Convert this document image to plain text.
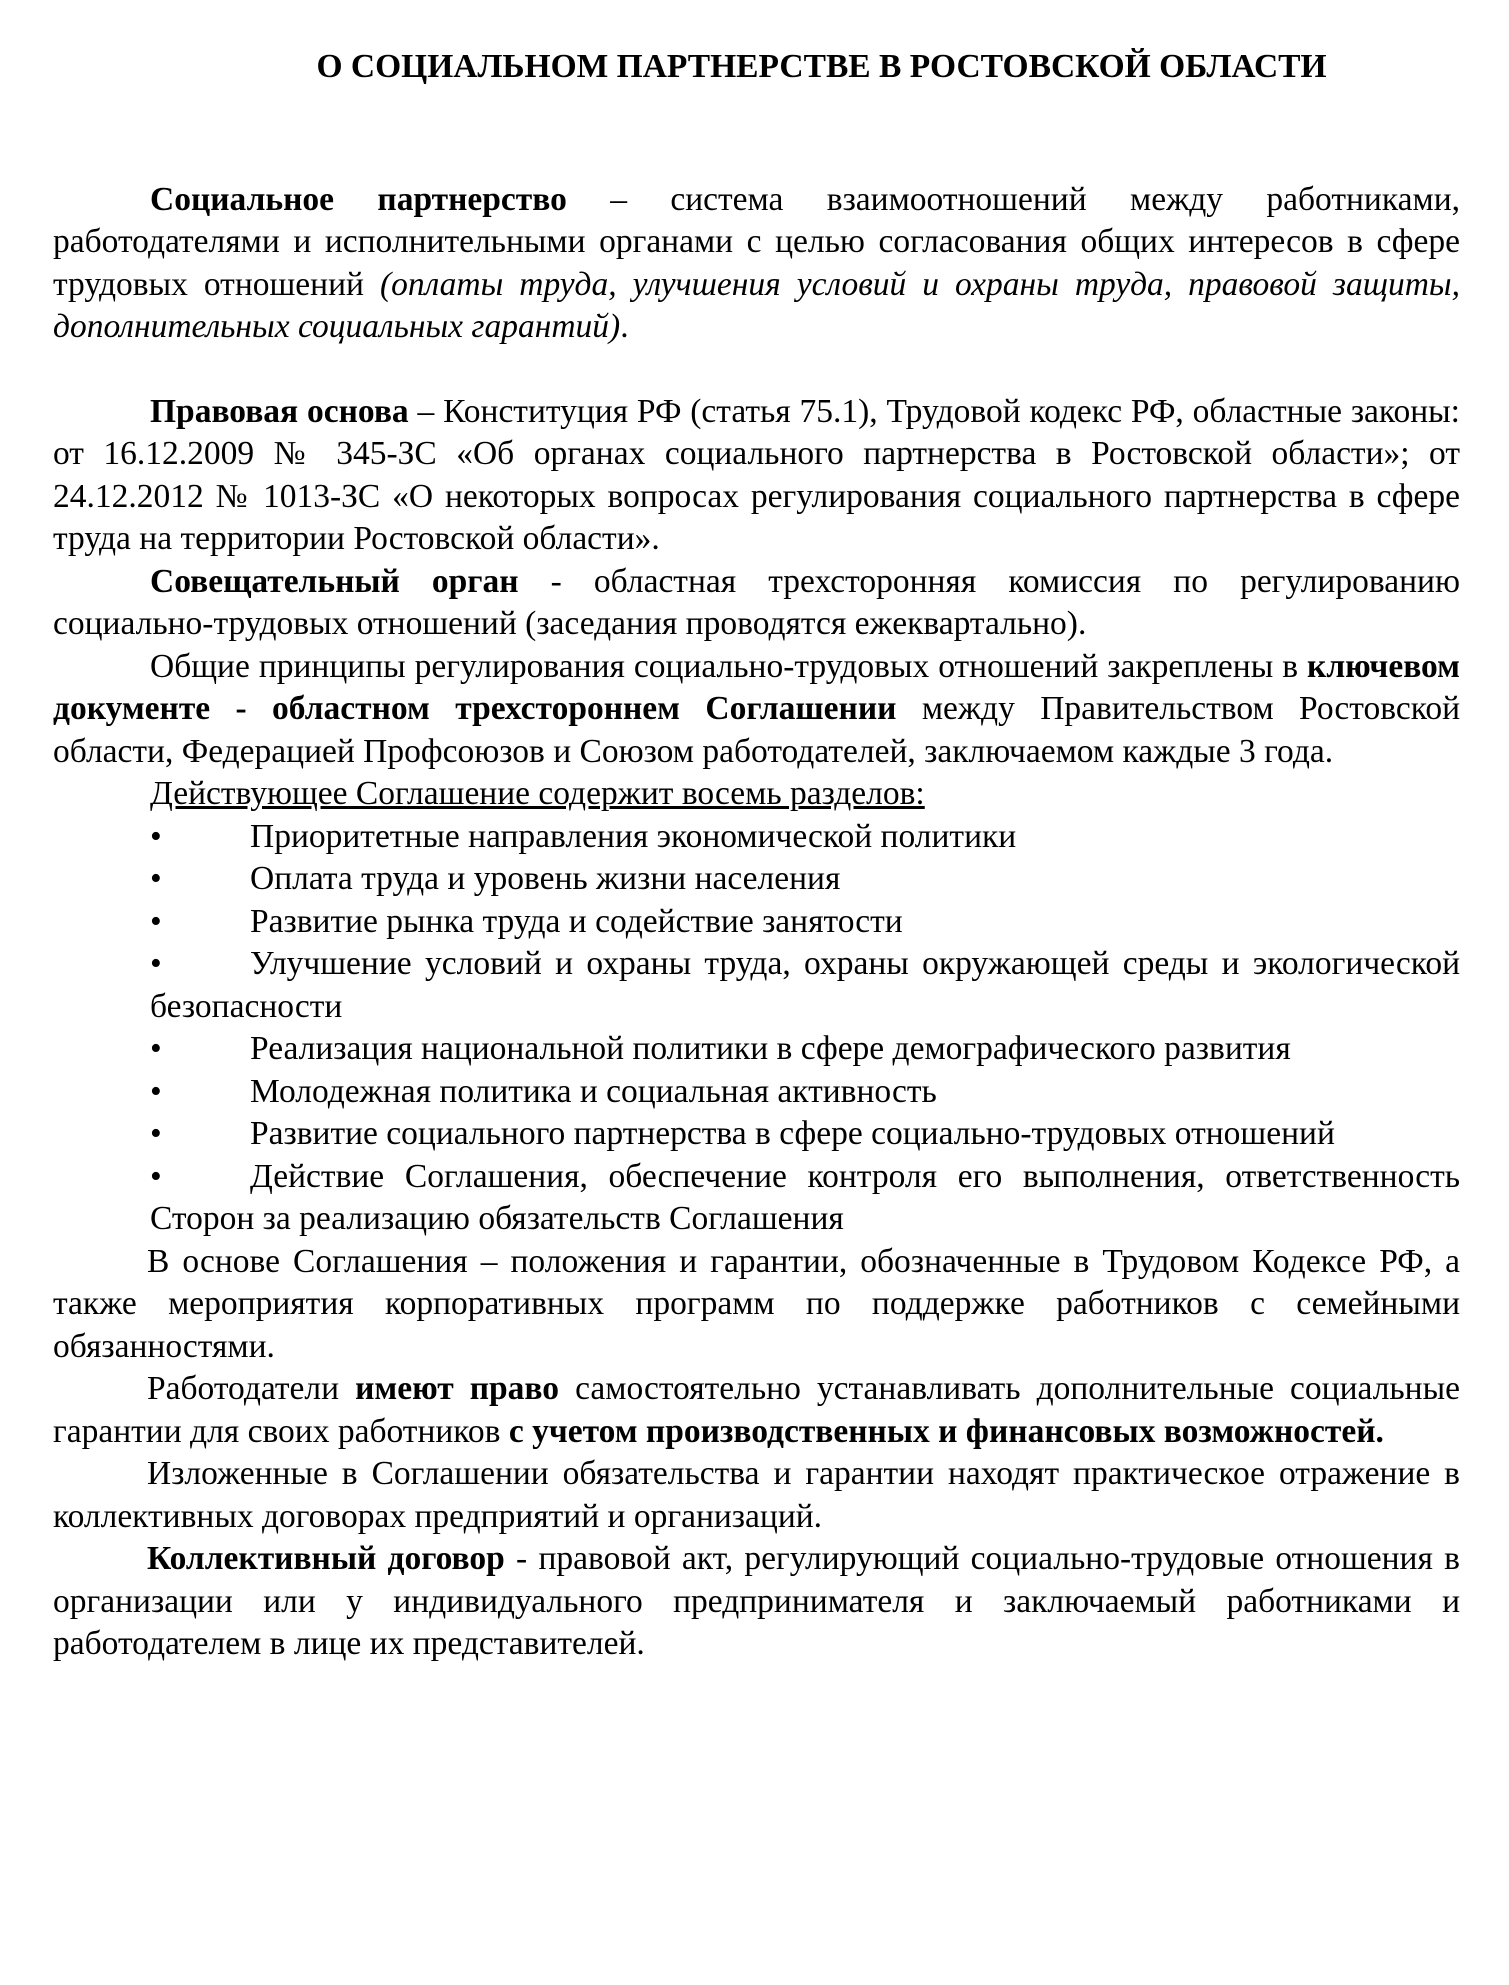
О СОЦИАЛЬНОМ ПАРТНЕРСТВЕ В РОСТОВСКОЙ ОБЛАСТИ

Социальное партнерство – система взаимоотношений между работниками, работодателями и исполнительными органами с целью согласования общих интересов в сфере трудовых отношений (оплаты труда, улучшения условий и охраны труда, правовой защиты, дополнительных социальных гарантий).

Правовая основа – Конституция РФ (статья 75.1), Трудовой кодекс РФ, областные законы: от 16.12.2009 № 345-ЗС «Об органах социального партнерства в Ростовской области»; от 24.12.2012 № 1013-ЗС «О некоторых вопросах регулирования социального партнерства в сфере труда на территории Ростовской области».

Совещательный орган - областная трехсторонняя комиссия по регулированию социально-трудовых отношений (заседания проводятся ежеквартально).

Общие принципы регулирования социально-трудовых отношений закреплены в ключевом документе - областном трехстороннем Соглашении между Правительством Ростовской области, Федерацией Профсоюзов и Союзом работодателей, заключаемом каждые 3 года.

Действующее Соглашение содержит восемь разделов:
•	Приоритетные направления экономической политики
•	Оплата труда и уровень жизни населения
•	Развитие рынка труда и содействие занятости
•	Улучшение условий и охраны труда, охраны окружающей среды и экологической безопасности
•	Реализация национальной политики в сфере демографического развития
•	Молодежная политика и социальная активность
•	Развитие социального партнерства в сфере социально-трудовых отношений
•	Действие Соглашения, обеспечение контроля его выполнения, ответственность Сторон за реализацию обязательств Соглашения

В основе Соглашения – положения и гарантии, обозначенные в Трудовом Кодексе РФ, а также мероприятия корпоративных программ по поддержке работников с семейными обязанностями.

Работодатели имеют право самостоятельно устанавливать дополнительные социальные гарантии для своих работников с учетом производственных и финансовых возможностей.

Изложенные в Соглашении обязательства и гарантии находят практическое отражение в коллективных договорах предприятий и организаций.

Коллективный договор - правовой акт, регулирующий социально-трудовые отношения в организации или у индивидуального предпринимателя и заключаемый работниками и работодателем в лице их представителей.
